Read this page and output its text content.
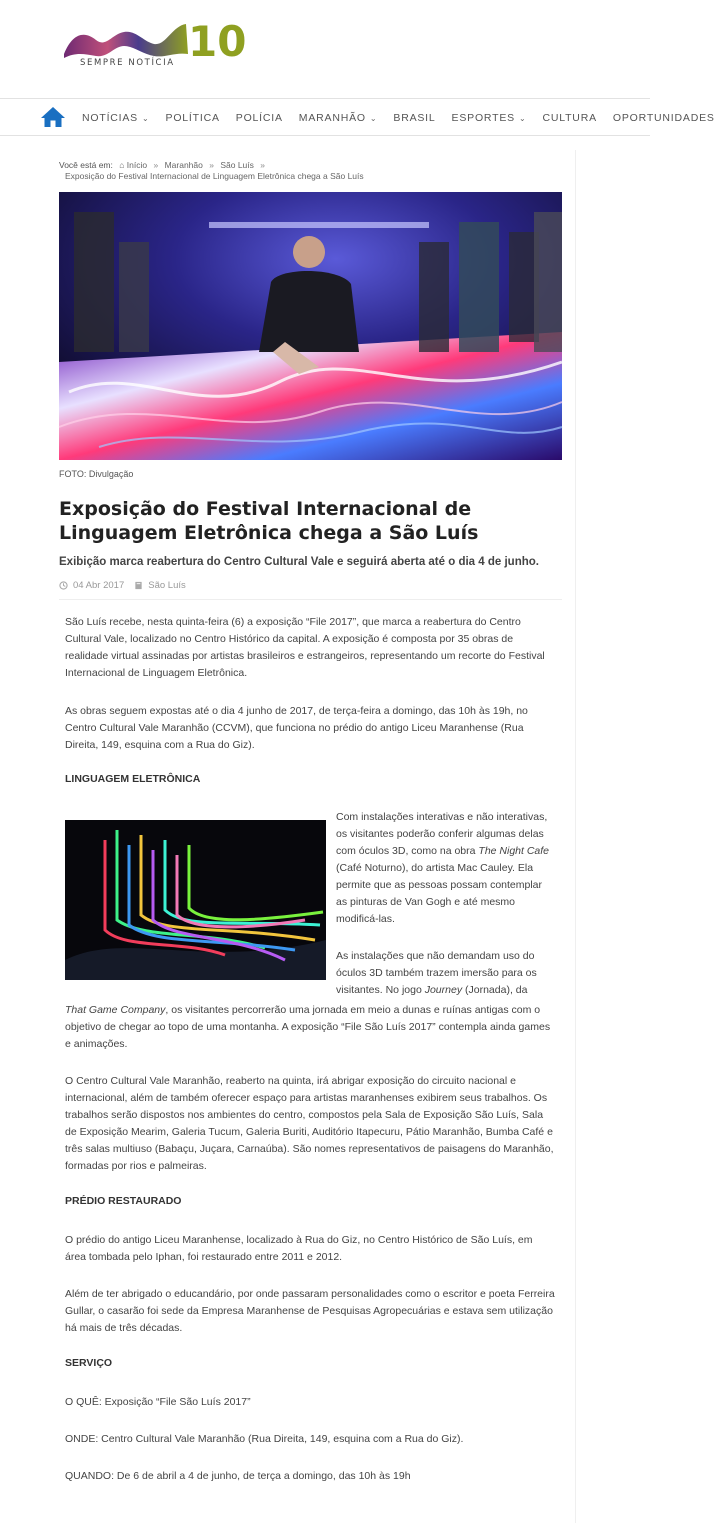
10
SEMPRE NOTÍCIA
NOTÍCIAS ⌄ POLÍTICA POLÍCIA MARANHÃO ⌄ BRASIL ESPORTES ⌄ CULTURA OPORTUNIDADES
Você está em: ⌂ Início » Maranhão » São Luís »
Exposição do Festival Internacional de Linguagem Eletrônica chega a São Luís
FOTO: Divulgação
Exposição do Festival Internacional de Linguagem Eletrônica chega a São Luís
Exibição marca reabertura do Centro Cultural Vale e seguirá aberta até o dia 4 de junho.
04 Abr 2017	São Luís

São Luís recebe, nesta quinta-feira (6) a exposição “File 2017”, que marca a reabertura do Centro Cultural Vale, localizado no Centro Histórico da capital. A exposição é composta por 35 obras de realidade virtual assinadas por artistas brasileiros e estrangeiros, representando um recorte do Festival Internacional de Linguagem Eletrônica.

As obras seguem expostas até o dia 4 junho de 2017, de terça-feira a domingo, das 10h às 19h, no Centro Cultural Vale Maranhão (CCVM), que funciona no prédio do antigo Liceu Maranhense (Rua Direita, 149, esquina com a Rua do Giz).

LINGUAGEM ELETRÔNICA

Com instalações interativas e não interativas, os visitantes poderão conferir algumas delas com óculos 3D, como na obra The Night Cafe (Café Noturno), do artista Mac Cauley. Ela permite que as pessoas possam contemplar as pinturas de Van Gogh e até mesmo modificá-las.

As instalações que não demandam uso do óculos 3D também trazem imersão para os visitantes. No jogo Journey (Jornada), da

That Game Company, os visitantes percorrerão uma jornada em meio a dunas e ruínas antigas com o objetivo de chegar ao topo de uma montanha. A exposição “File São Luís 2017” contempla ainda games e animações.

O Centro Cultural Vale Maranhão, reaberto na quinta, irá abrigar exposição do circuito nacional e internacional, além de também oferecer espaço para artistas maranhenses exibirem seus trabalhos. Os trabalhos serão dispostos nos ambientes do centro, compostos pela Sala de Exposição São Luís, Sala de Exposição Mearim, Galeria Tucum, Galeria Buriti, Auditório Itapecuru, Pátio Maranhão, Bumba Café e três salas multiuso (Babaçu, Juçara, Carnaúba). São nomes representativos de paisagens do Maranhão, formadas por rios e palmeiras.

PRÉDIO RESTAURADO

O prédio do antigo Liceu Maranhense, localizado à Rua do Giz, no Centro Histórico de São Luís, em área tombada pelo Iphan, foi restaurado entre 2011 e 2012.

Além de ter abrigado o educandário, por onde passaram personalidades como o escritor e poeta Ferreira Gullar, o casarão foi sede da Empresa Maranhense de Pesquisas Agropecuárias e estava sem utilização há mais de três décadas.

SERVIÇO

O QUÊ: Exposição “File São Luís 2017”

ONDE: Centro Cultural Vale Maranhão (Rua Direita, 149, esquina com a Rua do Giz).

QUANDO: De 6 de abril a 4 de junho, de terça a domingo, das 10h às 19h
